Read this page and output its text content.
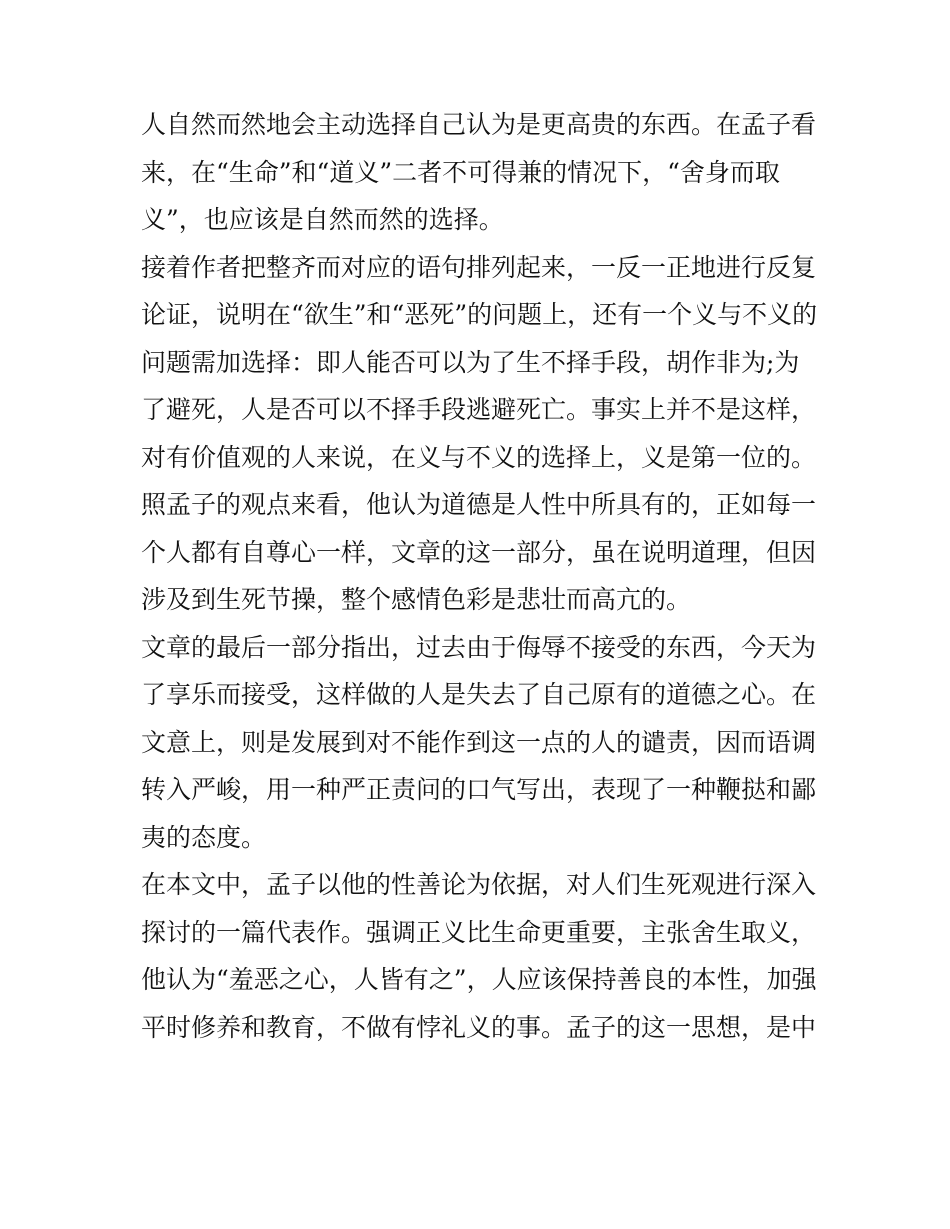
人自然而然地会主动选择自己认为是更高贵的东西。在孟子看
来，在“生命”和“道义”二者不可得兼的情况下，“舍身而取
义”，也应该是自然而然的选择。
接着作者把整齐而对应的语句排列起来，一反一正地进行反复
论证，说明在“欲生”和“恶死”的问题上，还有一个义与不义的
问题需加选择：即人能否可以为了生不择手段，胡作非为;为
了避死，人是否可以不择手段逃避死亡。事实上并不是这样，
对有价值观的人来说，在义与不义的选择上，义是第一位的。
照孟子的观点来看，他认为道德是人性中所具有的，正如每一
个人都有自尊心一样，文章的这一部分，虽在说明道理，但因
涉及到生死节操，整个感情色彩是悲壮而高亢的。
文章的最后一部分指出，过去由于侮辱不接受的东西，今天为
了享乐而接受，这样做的人是失去了自己原有的道德之心。在
文意上，则是发展到对不能作到这一点的人的谴责，因而语调
转入严峻，用一种严正责问的口气写出，表现了一种鞭挞和鄙
夷的态度。
在本文中，孟子以他的性善论为依据，对人们生死观进行深入
探讨的一篇代表作。强调正义比生命更重要，主张舍生取义，
他认为“羞恶之心，人皆有之”，人应该保持善良的本性，加强
平时修养和教育，不做有悖礼义的事。孟子的这一思想，是中
